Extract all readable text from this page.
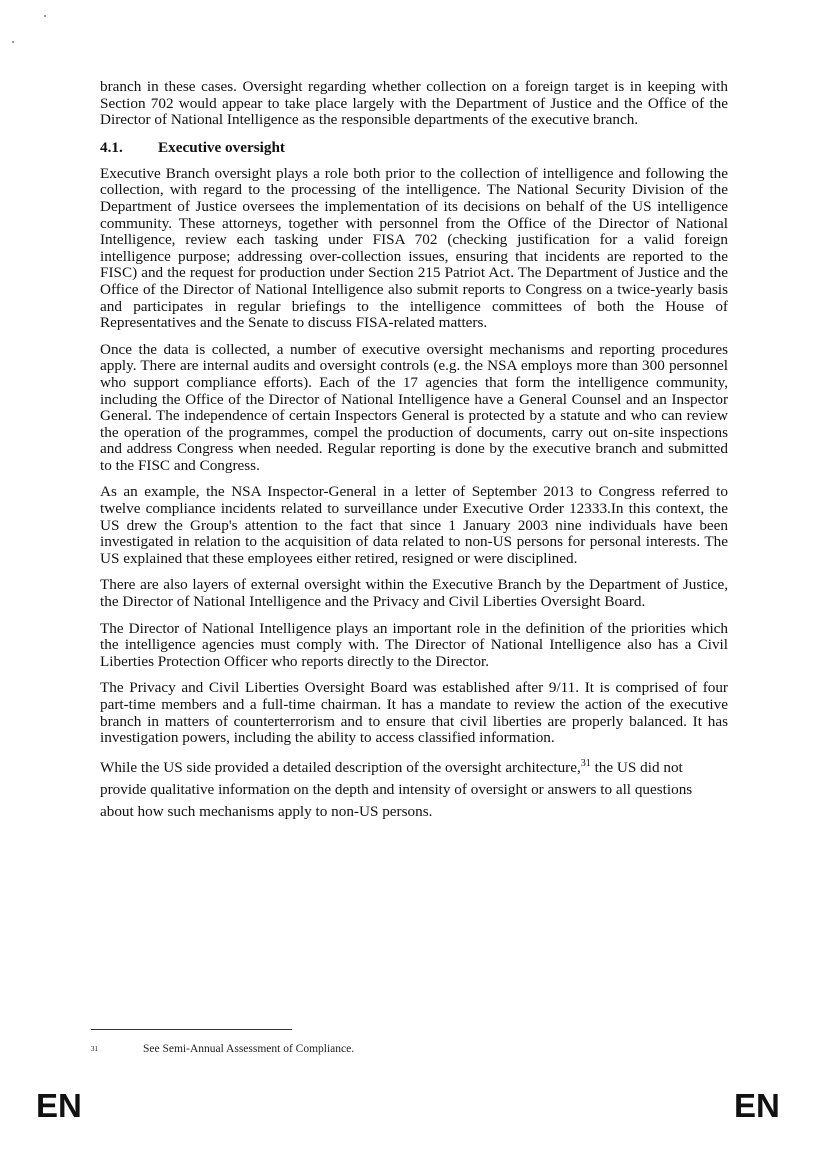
branch in these cases. Oversight regarding whether collection on a foreign target is in keeping with Section 702 would appear to take place largely with the Department of Justice and the Office of the Director of National Intelligence as the responsible departments of the executive branch.

4.1. Executive oversight

Executive Branch oversight plays a role both prior to the collection of intelligence and following the collection, with regard to the processing of the intelligence. The National Security Division of the Department of Justice oversees the implementation of its decisions on behalf of the US intelligence community. These attorneys, together with personnel from the Office of the Director of National Intelligence, review each tasking under FISA 702 (checking justification for a valid foreign intelligence purpose; addressing over-collection issues, ensuring that incidents are reported to the FISC) and the request for production under Section 215 Patriot Act. The Department of Justice and the Office of the Director of National Intelligence also submit reports to Congress on a twice-yearly basis and participates in regular briefings to the intelligence committees of both the House of Representatives and the Senate to discuss FISA-related matters.

Once the data is collected, a number of executive oversight mechanisms and reporting procedures apply. There are internal audits and oversight controls (e.g. the NSA employs more than 300 personnel who support compliance efforts). Each of the 17 agencies that form the intelligence community, including the Office of the Director of National Intelligence have a General Counsel and an Inspector General. The independence of certain Inspectors General is protected by a statute and who can review the operation of the programmes, compel the production of documents, carry out on-site inspections and address Congress when needed. Regular reporting is done by the executive branch and submitted to the FISC and Congress.

As an example, the NSA Inspector-General in a letter of September 2013 to Congress referred to twelve compliance incidents related to surveillance under Executive Order 12333.In this context, the US drew the Group's attention to the fact that since 1 January 2003 nine individuals have been investigated in relation to the acquisition of data related to non-US persons for personal interests. The US explained that these employees either retired, resigned or were disciplined.

There are also layers of external oversight within the Executive Branch by the Department of Justice, the Director of National Intelligence and the Privacy and Civil Liberties Oversight Board.

The Director of National Intelligence plays an important role in the definition of the priorities which the intelligence agencies must comply with. The Director of National Intelligence also has a Civil Liberties Protection Officer who reports directly to the Director.

The Privacy and Civil Liberties Oversight Board was established after 9/11. It is comprised of four part-time members and a full-time chairman. It has a mandate to review the action of the executive branch in matters of counterterrorism and to ensure that civil liberties are properly balanced. It has investigation powers, including the ability to access classified information.

While the US side provided a detailed description of the oversight architecture,$^{31}$ the US did not provide qualitative information on the depth and intensity of oversight or answers to all questions about how such mechanisms apply to non-US persons.

31	See Semi-Annual Assessment of Compliance.
EN	EN
